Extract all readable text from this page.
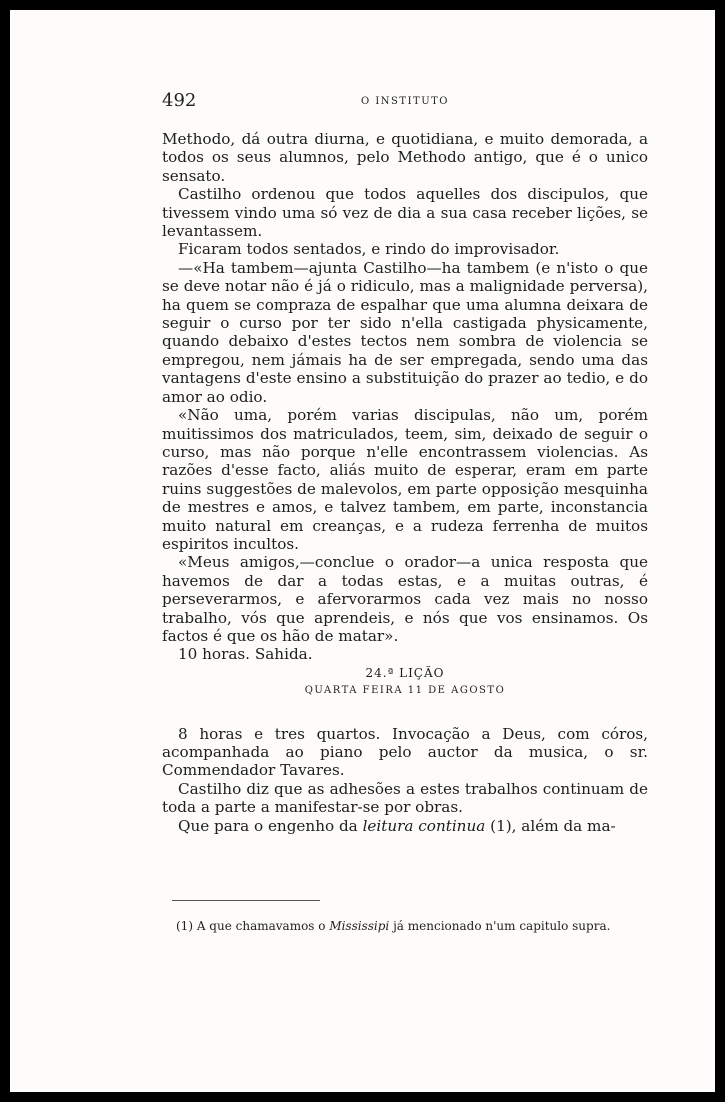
492	O INSTITUTO

Methodo, dá outra diurna, e quotidiana, e muito demorada, a todos os seus alumnos, pelo Methodo antigo, que é o unico sensato.

Castilho ordenou que todos aquelles dos discipulos, que tivessem vindo uma só vez de dia a sua casa receber lições, se levantassem.

Ficaram todos sentados, e rindo do improvisador.

—«Ha tambem—ajunta Castilho—ha tambem (e n'isto o que se deve notar não é já o ridiculo, mas a malignidade perversa), ha quem se compraza de espalhar que uma alumna deixara de seguir o curso por ter sido n'ella castigada physicamente, quando debaixo d'estes tectos nem sombra de violencia se empregou, nem jámais ha de ser empregada, sendo uma das vantagens d'este ensino a substituição do prazer ao tedio, e do amor ao odio.

«Não uma, porém varias discipulas, não um, porém muitissimos dos matriculados, teem, sim, deixado de seguir o curso, mas não porque n'elle encontrassem violencias. As razões d'esse facto, aliás muito de esperar, eram em parte ruins suggestões de malevolos, em parte opposição mesquinha de mestres e amos, e talvez tambem, em parte, inconstancia muito natural em creanças, e a rudeza ferrenha de muitos espiritos incultos.

«Meus amigos,—conclue o orador—a unica resposta que havemos de dar a todas estas, e a muitas outras, é perseverarmos, e afervorarmos cada vez mais no nosso trabalho, vós que aprendeis, e nós que vos ensinamos. Os factos é que os hão de matar».

10 horas. Sahida.

24.ª LIÇÃO

QUARTA FEIRA 11 DE AGOSTO

8 horas e tres quartos. Invocação a Deus, com córos, acompanhada ao piano pelo auctor da musica, o sr. Commendador Tavares.

Castilho diz que as adhesões a estes trabalhos continuam de toda a parte a manifestar-se por obras.

Que para o engenho da leitura continua (1), além da ma-

(1) A que chamavamos o Mississipi já mencionado n'um capitulo supra.
